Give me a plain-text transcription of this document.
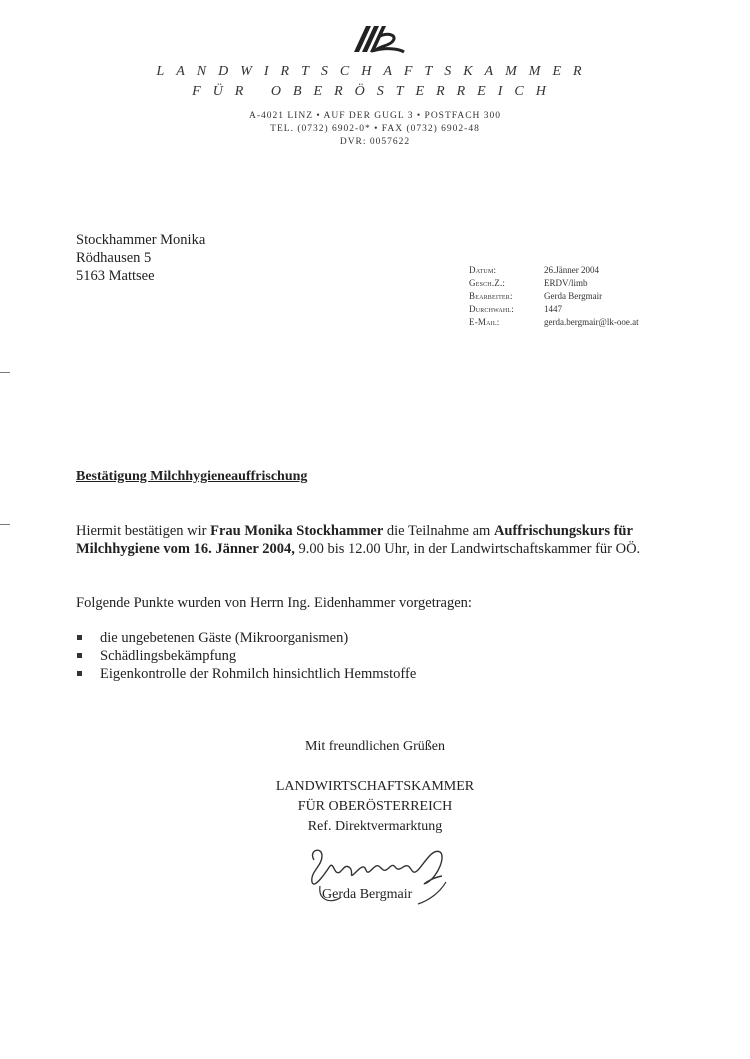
LANDWIRTSCHAFTSKAMMER
FÜR OBERÖSTERREICH
A-4021 LINZ • AUF DER GUGL 3 • POSTFACH 300
TEL. (0732) 6902-0* • FAX (0732) 6902-48
DVR: 0057622
Stockhammer Monika
Rödhausen 5
5163 Mattsee	Datum:	26.Jänner 2004
Gesch.Z.:	ERDV/limb
Bearbeiter:	Gerda Bergmair
Durchwahl:	1447
E-Mail:	gerda.bergmair@lk-ooe.at
Bestätigung Milchhygieneauffrischung
Hiermit bestätigen wir Frau Monika Stockhammer die Teilnahme am Auffrischungskurs für Milchhygiene vom 16. Jänner 2004, 9.00 bis 12.00 Uhr, in der Landwirtschaftskammer für OÖ.
Folgende Punkte wurden von Herrn Ing. Eidenhammer vorgetragen:
die ungebetenen Gäste (Mikroorganismen)
Schädlingsbekämpfung
Eigenkontrolle der Rohmilch hinsichtlich Hemmstoffe
Mit freundlichen Grüßen
LANDWIRTSCHAFTSKAMMER
FÜR OBERÖSTERREICH
Ref. Direktvermarktung
Gerda Bergmair
